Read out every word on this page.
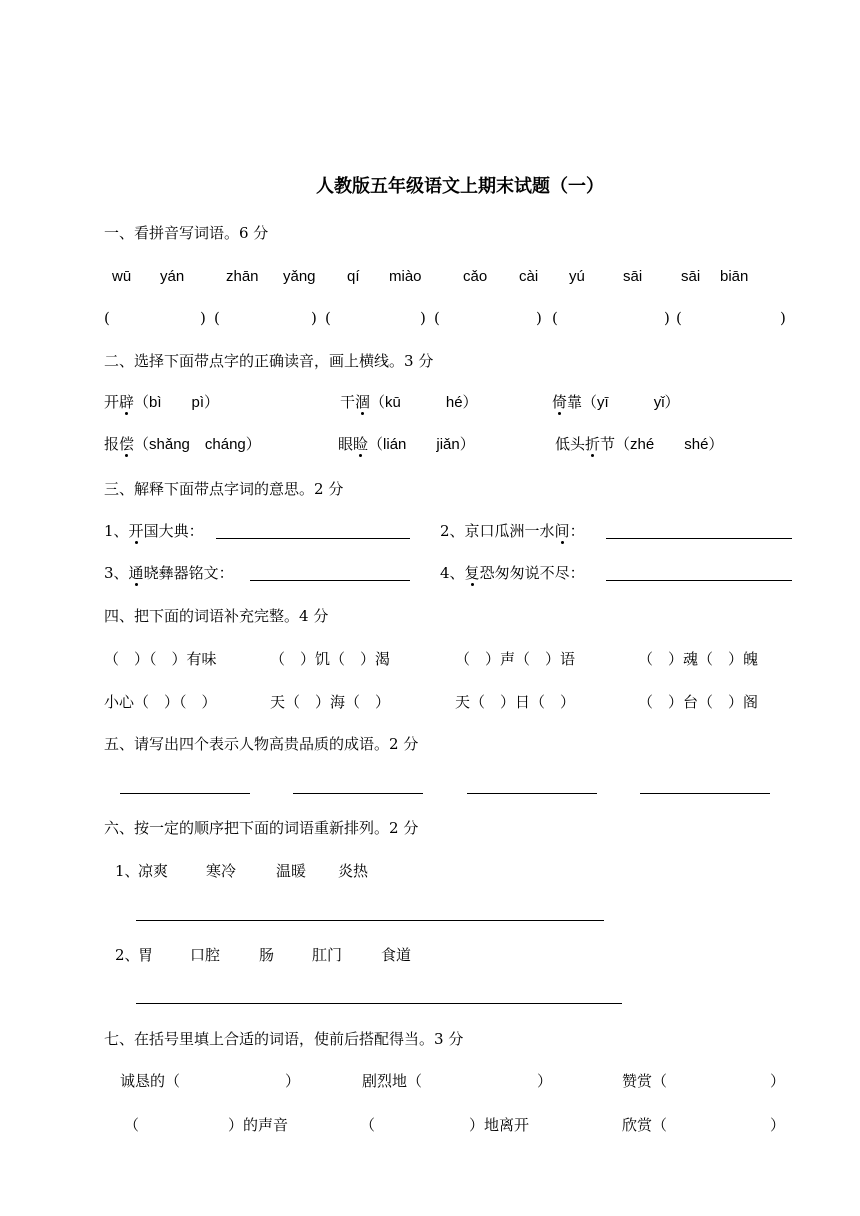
人教版五年级语文上期末试题（一）
一、看拼音写词语。6 分
wū yán	zhān yǎng qí miào	cǎo cài yú	sāi	sāi biān
(	) (	) (	) (	) (	) (	)
二、选择下面带点字的正确读音，画上横线。3 分
开辟（bì　　pì）	干涸（kū　　　hé）	倚靠（yī　　　yǐ）
报偿（shǎng　cháng）	眼睑（lián　　jiǎn）	低头折节（zhé　　shé）
三、解释下面带点字词的意思。2 分
1、开国大典：	2、京口瓜洲一水间：
3、通晓彝器铭文：	4、复恐匆匆说不尽：
四、把下面的词语补充完整。4 分
（　）（　）有味	（　）饥（　）渴	（　）声（　）语	（　）魂（　）魄
小心（　）（　）	天（　）海（　）	天（　）日（　）	（　）台（　）阁
五、请写出四个表示人物高贵品质的成语。2 分
六、按一定的顺序把下面的词语重新排列。2 分
1、
凉爽	寒冷	温暖 炎热
2、
胃 口腔	肠	肛门	食道
七、在括号里填上合适的词语，使前后搭配得当。3 分
诚恳的（	）	剧烈地（	）	赞赏（	）
（	）的声音	（	）地离开	欣赏（	）
